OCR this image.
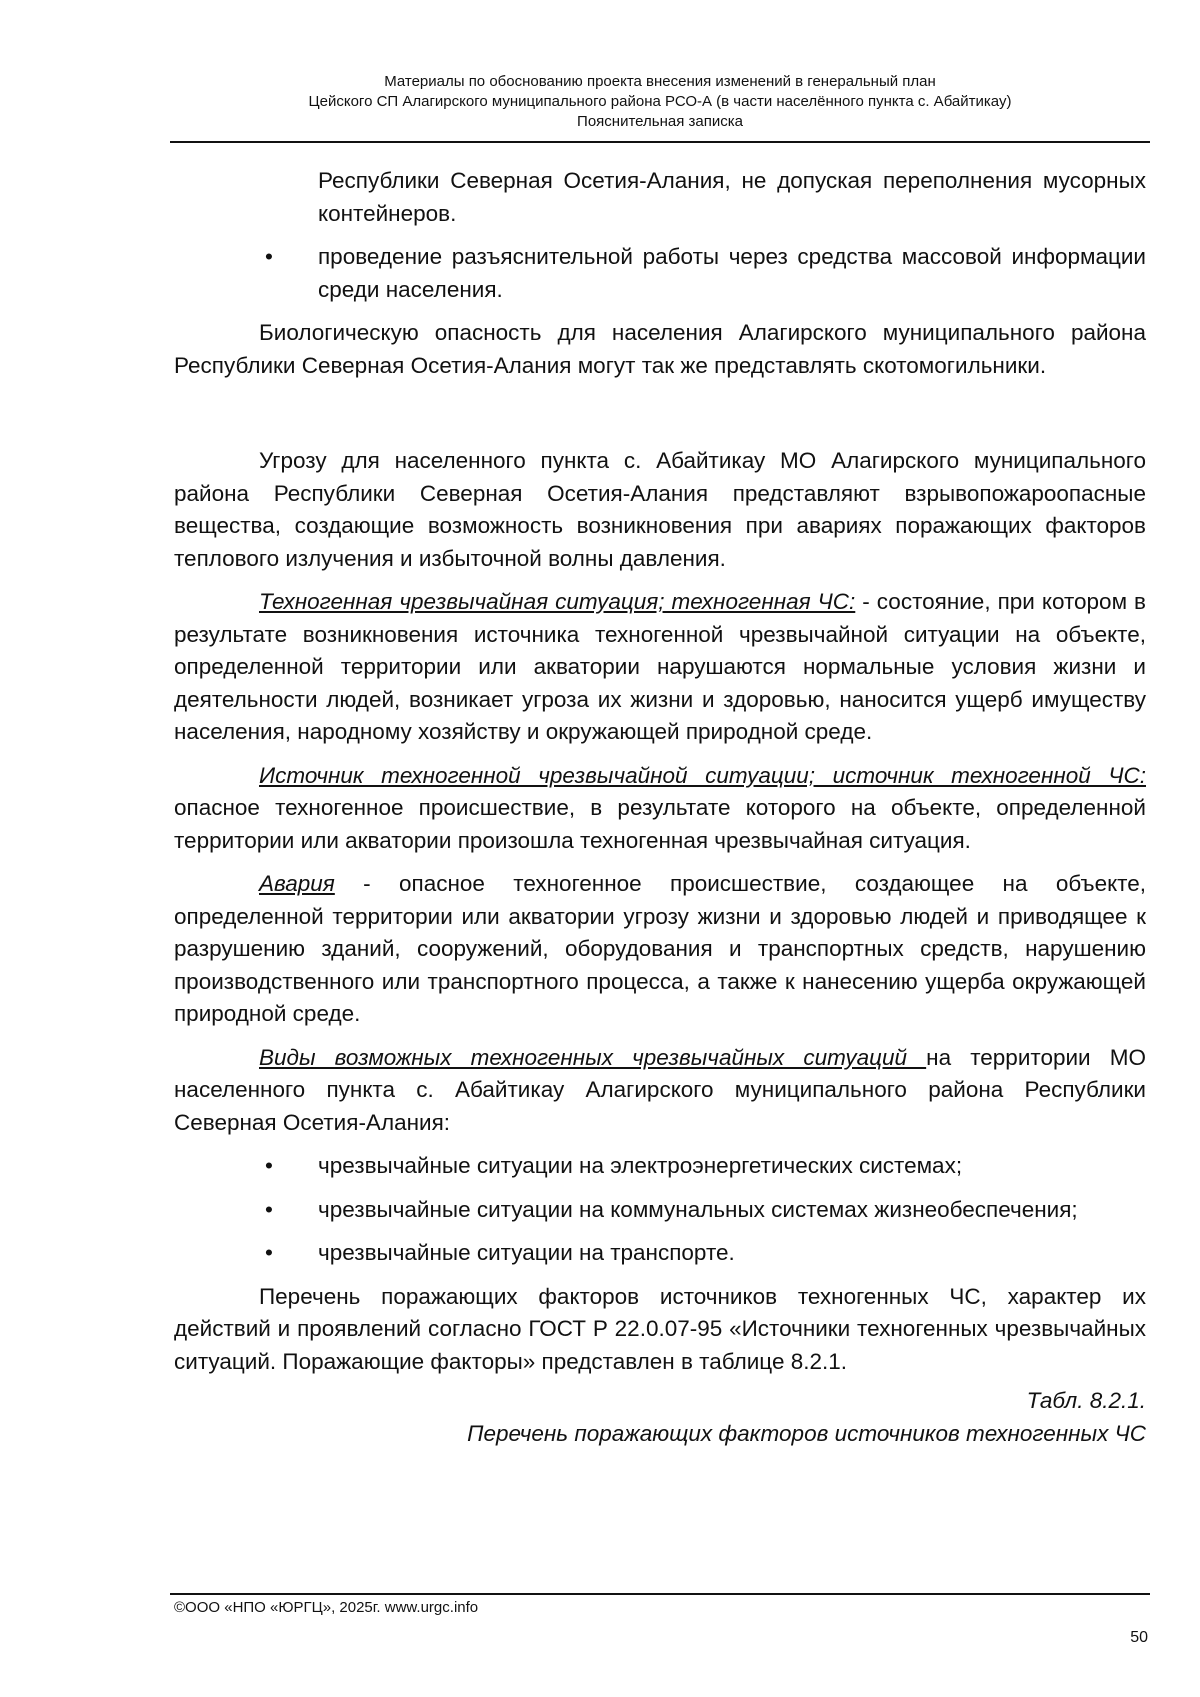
Материалы по обоснованию проекта внесения изменений в генеральный план
Цейского СП Алагирского муниципального района РСО-А (в части населённого пункта с. Абайтикау)
Пояснительная записка

Республики Северная Осетия-Алания, не допуская переполнения мусорных контейнеров.

• проведение разъяснительной работы через средства массовой информации среди населения.

Биологическую опасность для населения Алагирского муниципального района Республики Северная Осетия-Алания могут так же представлять скотомогильники.

Угрозу для населенного пункта с. Абайтикау МО Алагирского муниципального района Республики Северная Осетия-Алания представляют взрывопожароопасные вещества, создающие возможность возникновения при авариях поражающих факторов теплового излучения и избыточной волны давления.

Техногенная чрезвычайная ситуация; техногенная ЧС: - состояние, при котором в результате возникновения источника техногенной чрезвычайной ситуации на объекте, определенной территории или акватории нарушаются нормальные условия жизни и деятельности людей, возникает угроза их жизни и здоровью, наносится ущерб имуществу населения, народному хозяйству и окружающей природной среде.

Источник техногенной чрезвычайной ситуации; источник техногенной ЧС: опасное техногенное происшествие, в результате которого на объекте, определенной территории или акватории произошла техногенная чрезвычайная ситуация.

Авария - опасное техногенное происшествие, создающее на объекте, определенной территории или акватории угрозу жизни и здоровью людей и приводящее к разрушению зданий, сооружений, оборудования и транспортных средств, нарушению производственного или транспортного процесса, а также к нанесению ущерба окружающей природной среде.

Виды возможных техногенных чрезвычайных ситуаций на территории МО населенного пункта с. Абайтикау Алагирского муниципального района Республики Северная Осетия-Алания:

• чрезвычайные ситуации на электроэнергетических системах;

• чрезвычайные ситуации на коммунальных системах жизнеобеспечения;

• чрезвычайные ситуации на транспорте.

Перечень поражающих факторов источников техногенных ЧС, характер их действий и проявлений согласно ГОСТ Р 22.0.07-95 «Источники техногенных чрезвычайных ситуаций. Поражающие факторы» представлен в таблице 8.2.1.

Табл. 8.2.1.

Перечень поражающих факторов источников техногенных ЧС

©ООО «НПО «ЮРГЦ», 2025г. www.urgc.info
50
